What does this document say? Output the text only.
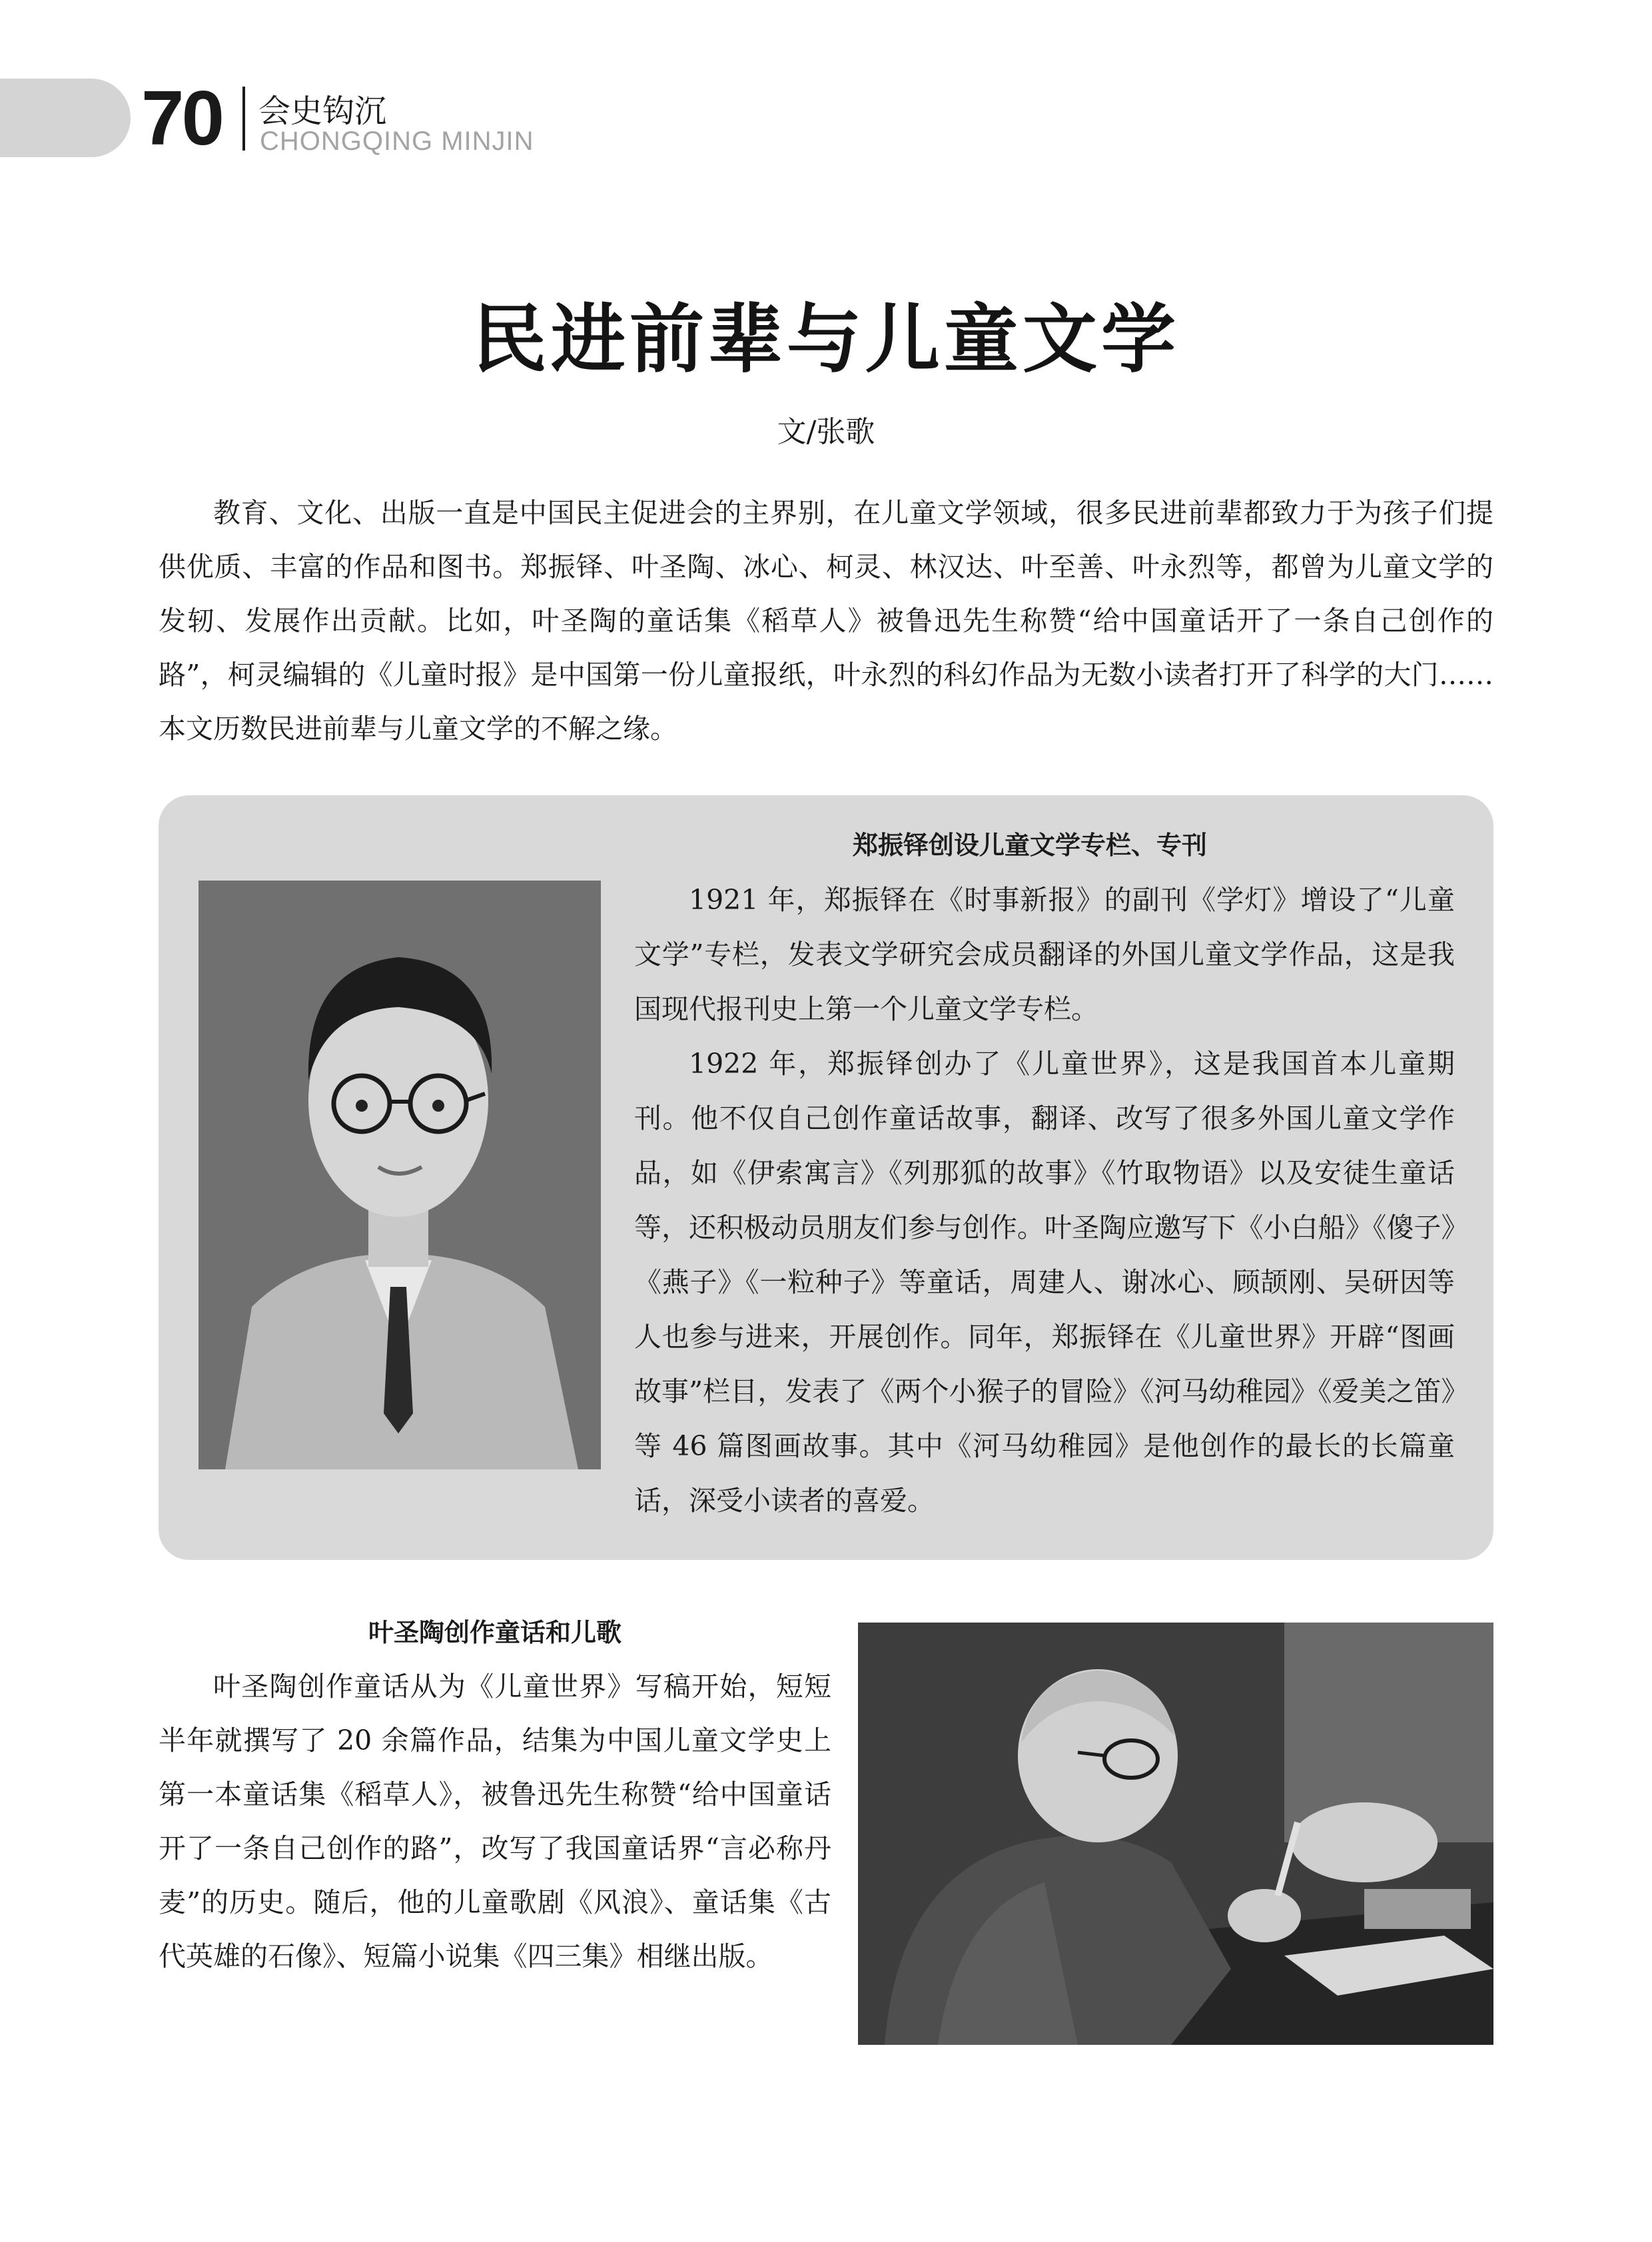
70 会史钩沉
CHONGQING MINJIN
民进前辈与儿童文学
文/张歌

教育、文化、出版一直是中国民主促进会的主界别，在儿童文学领域，很多民进前辈都致力于为孩子们提供优质、丰富的作品和图书。郑振铎、叶圣陶、冰心、柯灵、林汉达、叶至善、叶永烈等，都曾为儿童文学的发轫、发展作出贡献。比如，叶圣陶的童话集《稻草人》被鲁迅先生称赞“给中国童话开了一条自己创作的路”，柯灵编辑的《儿童时报》是中国第一份儿童报纸，叶永烈的科幻作品为无数小读者打开了科学的大门……本文历数民进前辈与儿童文学的不解之缘。

郑振铎创设儿童文学专栏、专刊

1921 年，郑振铎在《时事新报》的副刊《学灯》增设了“儿童文学”专栏，发表文学研究会成员翻译的外国儿童文学作品，这是我国现代报刊史上第一个儿童文学专栏。

1922 年，郑振铎创办了《儿童世界》，这是我国首本儿童期刊。他不仅自己创作童话故事，翻译、改写了很多外国儿童文学作品，如《伊索寓言》《列那狐的故事》《竹取物语》以及安徒生童话等，还积极动员朋友们参与创作。叶圣陶应邀写下《小白船》《傻子》《燕子》《一粒种子》等童话，周建人、谢冰心、顾颉刚、吴研因等人也参与进来，开展创作。同年，郑振铎在《儿童世界》开辟“图画故事”栏目，发表了《两个小猴子的冒险》《河马幼稚园》《爱美之笛》等 46 篇图画故事。其中《河马幼稚园》是他创作的最长的长篇童话，深受小读者的喜爱。

叶圣陶创作童话和儿歌

叶圣陶创作童话从为《儿童世界》写稿开始，短短半年就撰写了 20 余篇作品，结集为中国儿童文学史上第一本童话集《稻草人》，被鲁迅先生称赞“给中国童话开了一条自己创作的路”，改写了我国童话界“言必称丹麦”的历史。随后，他的儿童歌剧《风浪》、童话集《古代英雄的石像》、短篇小说集《四三集》相继出版。
